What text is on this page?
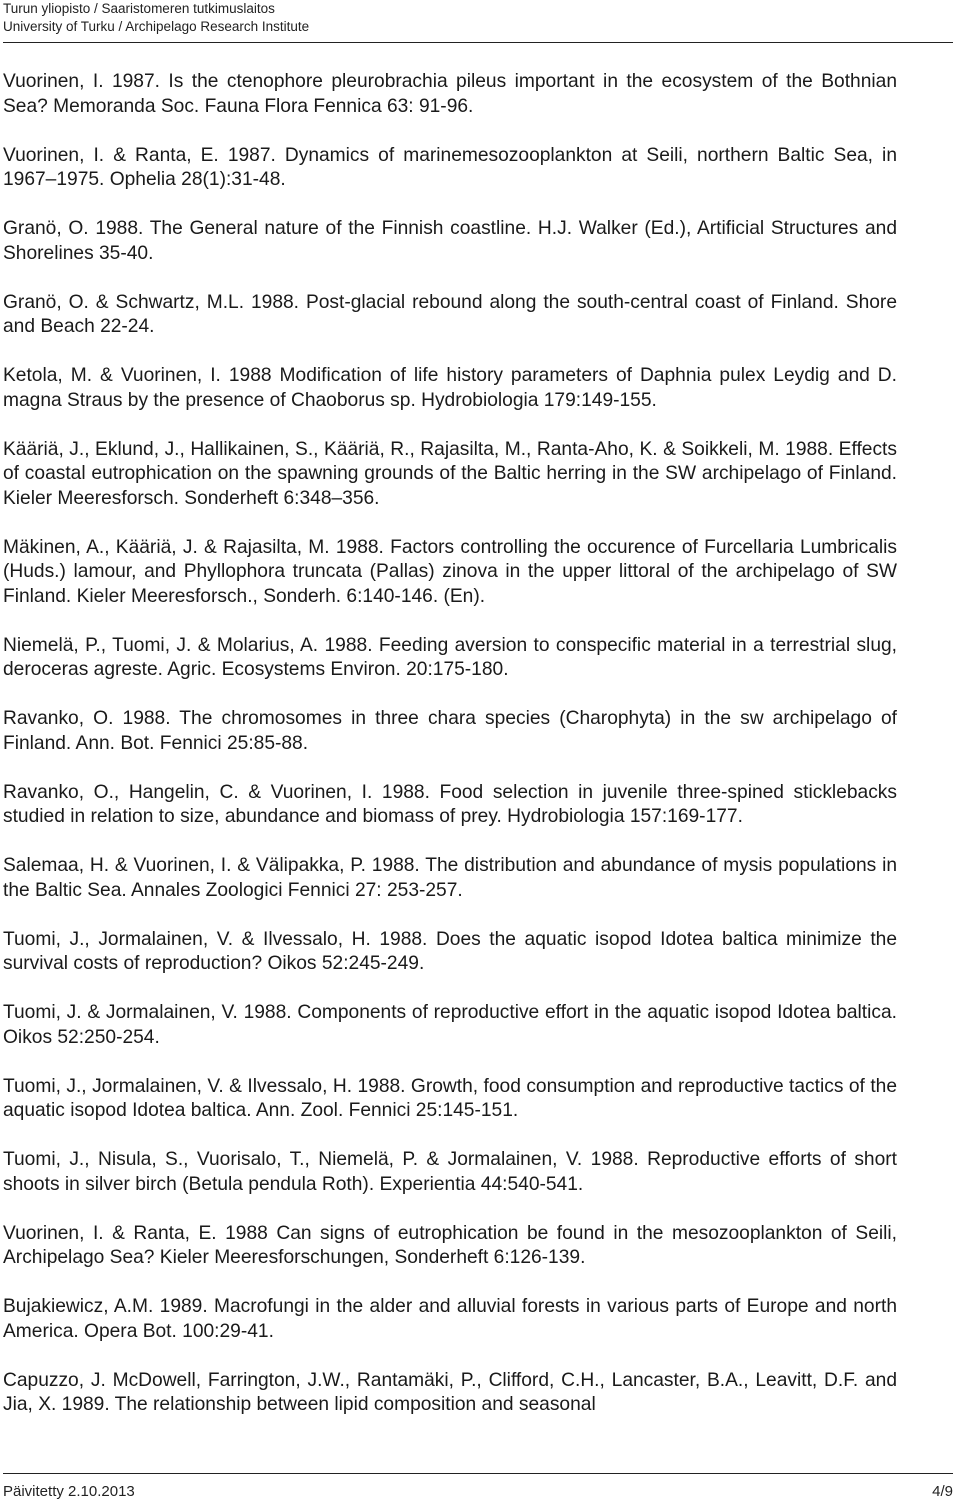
Turun yliopisto / Saaristomeren tutkimuslaitos
University of Turku / Archipelago Research Institute

Vuorinen, I. 1987. Is the ctenophore pleurobrachia pileus important in the ecosystem of the Bothnian Sea? Memoranda Soc. Fauna Flora Fennica 63: 91-96.

Vuorinen, I. & Ranta, E. 1987. Dynamics of marinemesozooplankton at Seili, northern Baltic Sea, in 1967–1975. Ophelia 28(1):31-48.

Granö, O. 1988. The General nature of the Finnish coastline. H.J. Walker (Ed.), Artificial Structures and Shorelines 35-40.

Granö, O. & Schwartz, M.L. 1988. Post-glacial rebound along the south-central coast of Finland. Shore and Beach 22-24.

Ketola, M. & Vuorinen, I. 1988 Modification of life history parameters of Daphnia pulex Leydig and D. magna Straus by the presence of Chaoborus sp. Hydrobiologia 179:149-155.

Kääriä, J., Eklund, J., Hallikainen, S., Kääriä, R., Rajasilta, M., Ranta-Aho, K. & Soikkeli, M. 1988. Effects of coastal eutrophication on the spawning grounds of the Baltic herring in the SW archipelago of Finland. Kieler Meeresforsch. Sonderheft 6:348–356.

Mäkinen, A., Kääriä, J. & Rajasilta, M. 1988. Factors controlling the occurence of Furcellaria Lumbricalis (Huds.) lamour, and Phyllophora truncata (Pallas) zinova in the upper littoral of the archipelago of SW Finland. Kieler Meeresforsch., Sonderh. 6:140-146. (En).

Niemelä, P., Tuomi, J. & Molarius, A. 1988. Feeding aversion to conspecific material in a terrestrial slug, deroceras agreste. Agric. Ecosystems Environ. 20:175-180.

Ravanko, O. 1988. The chromosomes in three chara species (Charophyta) in the sw archipelago of Finland. Ann. Bot. Fennici 25:85-88.

Ravanko, O., Hangelin, C. & Vuorinen, I. 1988. Food selection in juvenile three-spined sticklebacks studied in relation to size, abundance and biomass of prey. Hydrobiologia 157:169-177.

Salemaa, H. & Vuorinen, I. & Välipakka, P. 1988. The distribution and abundance of mysis populations in the Baltic Sea. Annales Zoologici Fennici 27: 253-257.

Tuomi, J., Jormalainen, V. & Ilvessalo, H. 1988. Does the aquatic isopod Idotea baltica minimize the survival costs of reproduction? Oikos 52:245-249.

Tuomi, J. & Jormalainen, V. 1988. Components of reproductive effort in the aquatic isopod Idotea baltica. Oikos 52:250-254.

Tuomi, J., Jormalainen, V. & Ilvessalo, H. 1988. Growth, food consumption and reproductive tactics of the aquatic isopod Idotea baltica. Ann. Zool. Fennici 25:145-151.

Tuomi, J., Nisula, S., Vuorisalo, T., Niemelä, P. & Jormalainen, V. 1988. Reproductive efforts of short shoots in silver birch (Betula pendula Roth). Experientia 44:540-541.

Vuorinen, I. & Ranta, E. 1988 Can signs of eutrophication be found in the mesozooplankton of Seili, Archipelago Sea? Kieler Meeresforschungen, Sonderheft 6:126-139.

Bujakiewicz, A.M. 1989. Macrofungi in the alder and alluvial forests in various parts of Europe and north America. Opera Bot. 100:29-41.

Capuzzo, J. McDowell, Farrington, J.W., Rantamäki, P., Clifford, C.H., Lancaster, B.A., Leavitt, D.F. and Jia, X. 1989. The relationship between lipid composition and seasonal

Päivitetty 2.10.2013	4/9
